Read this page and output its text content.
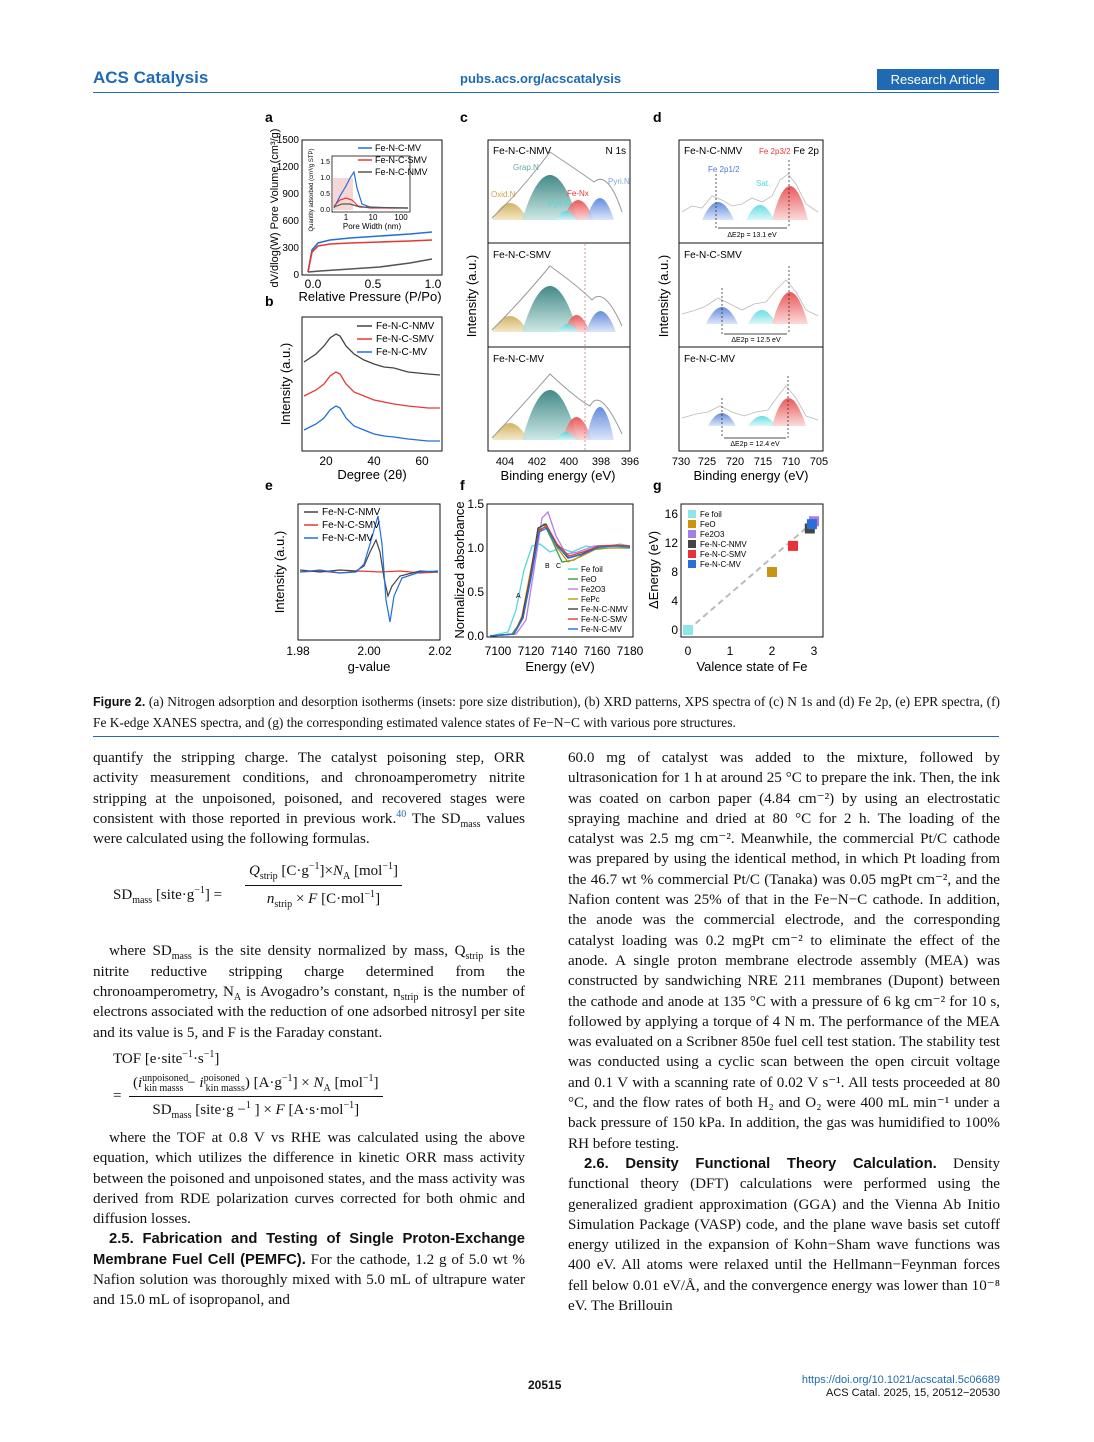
ACS Catalysis	pubs.acs.org/acscatalysis	Research Article
a
0
300
600
900
1200
1500
0.0	0.5	1.0
Relative Pressure (P/Po)
dV/dlog(W) Pore Volume (cm³/g)	0.0
0.5
1.0
1.5
1	10 100
Pore Width (nm)
Quantity adsorbed (cm³/g STP)
Fe-N-C-MV
Fe-N-C-SMV
Fe-N-C-NMV
b
Fe-N-C-NMV
Fe-N-C-SMV
Fe-N-C-MV
20	40	60
Degree (2θ)
Intensity (a.u.)
c
Fe-N-C-NMV	N 1s
Grap.N
Oxid.N	Fe-Nx
Pyrr.N
Pyri.N
Fe-N-C-SMV
Fe-N-C-MV
404 402 400 398 396
Binding energy (eV)
Intensity (a.u.)
d
Fe-N-C-NMV	Fe 2p
Fe 2p1/2
Sat.
Fe 2p3/2
ΔE2p = 13.1 eV
Fe-N-C-SMV
ΔE2p = 12.5 eV
Fe-N-C-MV
ΔE2p = 12.4 eV
730 725 720 715 710 705
Binding energy (eV)
Intensity (a.u.)
e
Fe-N-C-NMV
Fe-N-C-SMV
Fe-N-C-MV
1.98	2.00	2.02
g-value
Intensity (a.u.)
f
0.0
0.5
1.0
1.5
A
B C Fe foil
FeO
Fe2O3
FePc
Fe-N-C-NMV
Fe-N-C-SMV
Fe-N-C-MV
7100 7120 7140 7160 7180
Energy (eV)
Normalized absorbance
g
0
4
8
12
16
0	1	2	3
Valence state of Fe
ΔEnergy (eV)
Fe foil
FeO
Fe2O3
Fe-N-C-NMV
Fe-N-C-SMV
Fe-N-C-MV
Figure 2. (a) Nitrogen adsorption and desorption isotherms (insets: pore size distribution), (b) XRD patterns, XPS spectra of (c) N 1s and (d) Fe 2p, (e) EPR spectra, (f) Fe K-edge XANES spectra, and (g) the corresponding estimated valence states of Fe−N−C with various pore structures.

quantify the stripping charge. The catalyst poisoning step, ORR activity measurement conditions, and chronoamperometry nitrite stripping at the unpoisoned, poisoned, and recovered stages were consistent with those reported in previous work.$^{40}$ The $SD_{mass}$ values were calculated using the following formulas.

$SD_{mass}$ $[site\cdot g^{-1}] = \frac{Q_{strip} [C\cdot g^{-1}]\times N_A [mol^{-1}]}{n_{strip} \times F [C\cdot mol^{-1}]}$

where $SD_{mass}$ is the site density normalized by mass, $Q_{strip}$ is the nitrite reductive stripping charge determined from the chronoamperometry, $N_A$ is Avogadro’s constant, $n_{strip}$ is the number of electrons associated with the reduction of one adsorbed nitrosyl per site and its value is 5, and F is the Faraday constant.

TOF $[e\cdot site^{-1}\cdot s^{-1}]$
=
$(i^{unpoisoned}_{kin masss} - i^{poisoned}_{kin masss}) [A\cdot g^{-1}] \times N_A$ [mol$^{-1}$]
$SD_{mass}$ [site·g −$^1$ ] × F [A·s·mol$^{-1}$]

where the TOF at 0.8 V vs RHE was calculated using the above equation, which utilizes the difference in kinetic ORR mass activity between the poisoned and unpoisoned states, and the mass activity was derived from RDE polarization curves corrected for both ohmic and diffusion losses.

2.5. Fabrication and Testing of Single Proton-Exchange Membrane Fuel Cell (PEMFC). For the cathode, 1.2 g of 5.0 wt % Nafion solution was thoroughly mixed with 5.0 mL of ultrapure water and 15.0 mL of isopropanol, and

60.0 mg of catalyst was added to the mixture, followed by ultrasonication for 1 h at around 25 °C to prepare the ink. Then, the ink was coated on carbon paper (4.84 cm⁻²) by using an electrostatic spraying machine and dried at 80 °C for 2 h. The loading of the catalyst was 2.5 mg cm⁻². Meanwhile, the commercial Pt/C cathode was prepared by using the identical method, in which Pt loading from the 46.7 wt % commercial Pt/C (Tanaka) was 0.05 mgPt cm⁻², and the Nafion content was 25% of that in the Fe−N−C cathode. In addition, the anode was the commercial electrode, and the corresponding catalyst loading was 0.2 mgPt cm⁻² to eliminate the effect of the anode. A single proton membrane electrode assembly (MEA) was constructed by sandwiching NRE 211 membranes (Dupont) between the cathode and anode at 135 °C with a pressure of 6 kg cm⁻² for 10 s, followed by applying a torque of 4 N m. The performance of the MEA was evaluated on a Scribner 850e fuel cell test station. The stability test was conducted using a cyclic scan between the open circuit voltage and 0.1 V with a scanning rate of 0.02 V s⁻¹. All tests proceeded at 80 °C, and the flow rates of both H₂ and O₂ were 400 mL min⁻¹ under a back pressure of 150 kPa. In addition, the gas was humidified to 100% RH before testing.

2.6. Density Functional Theory Calculation. Density functional theory (DFT) calculations were performed using the generalized gradient approximation (GGA) and the Vienna Ab Initio Simulation Package (VASP) code, and the plane wave basis set cutoff energy utilized in the expansion of Kohn−Sham wave functions was 400 eV. All atoms were relaxed until the Hellmann−Feynman forces fell below 0.01 eV/Å, and the convergence energy was lower than 10⁻⁸ eV. The Brillouin

20515	https://doi.org/10.1021/acscatal.5c06689
ACS Catal. 2025, 15, 20512−20530
